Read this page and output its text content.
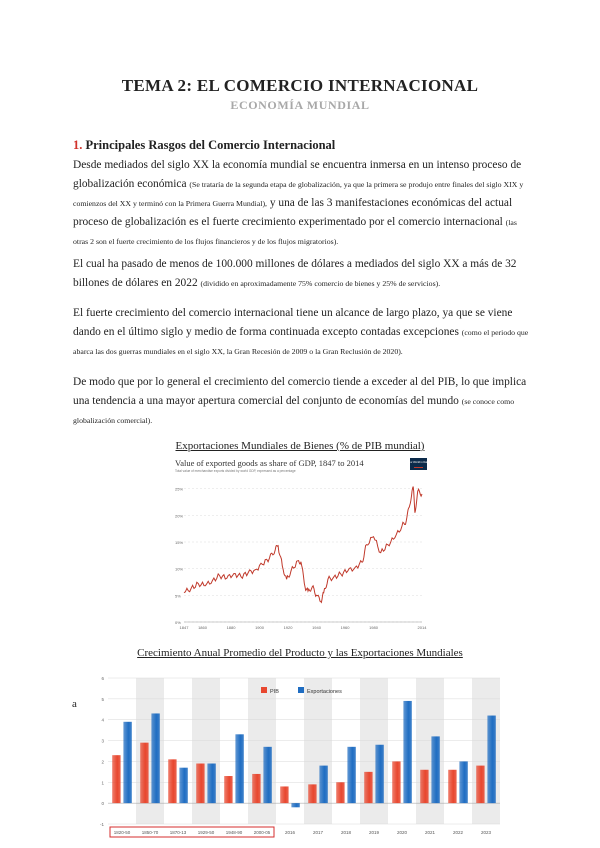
TEMA 2: EL COMERCIO INTERNACIONAL
ECONOMÍA MUNDIAL
1. Principales Rasgos del Comercio Internacional
Desde mediados del siglo XX la economía mundial se encuentra inmersa en un intenso proceso de globalización económica (Se trataría de la segunda etapa de globalización, ya que la primera se produjo entre finales del siglo XIX y comienzos del XX y terminó con la Primera Guerra Mundial), y una de las 3 manifestaciones económicas del actual proceso de globalización es el fuerte crecimiento experimentado por el comercio internacional (las otras 2 son el fuerte crecimiento de los flujos financieros y de los flujos migratorios).
El cual ha pasado de menos de 100.000 millones de dólares a mediados del siglo XX a más de 32 billones de dólares en 2022 (dividido en aproximadamente 75% comercio de bienes y 25% de servicios).
El fuerte crecimiento del comercio internacional tiene un alcance de largo plazo, ya que se viene dando en el último siglo y medio de forma continuada excepto contadas excepciones (como el periodo que abarca las dos guerras mundiales en el siglo XX, la Gran Recesión de 2009 o la Gran Reclusión de 2020).
De modo que por lo general el crecimiento del comercio tiende a exceder al del PIB, lo que implica una tendencia a una mayor apertura comercial del conjunto de economías del mundo (se conoce como globalización comercial).
Exportaciones Mundiales de Bienes (% de PIB mundial)
Value of exported goods as share of GDP, 1847 to 2014
Total value of merchandise exports divided by world GDP, expressed as a percentage
Our World in Data
0%
5%
10%
15%
20%
25%
1847 1860	1880	1900	1920	1940	1960	1980	2014
Crecimiento Anual Promedio del Producto y las Exportaciones Mundiales
a
-1
0
1
2
3
4
5
6
1820-50	1850-70	1870-13	1929-50	1948-90	2000-05	2016	2017	2018	2019	2020	2021	2022	2023
PIB	Exportaciones
